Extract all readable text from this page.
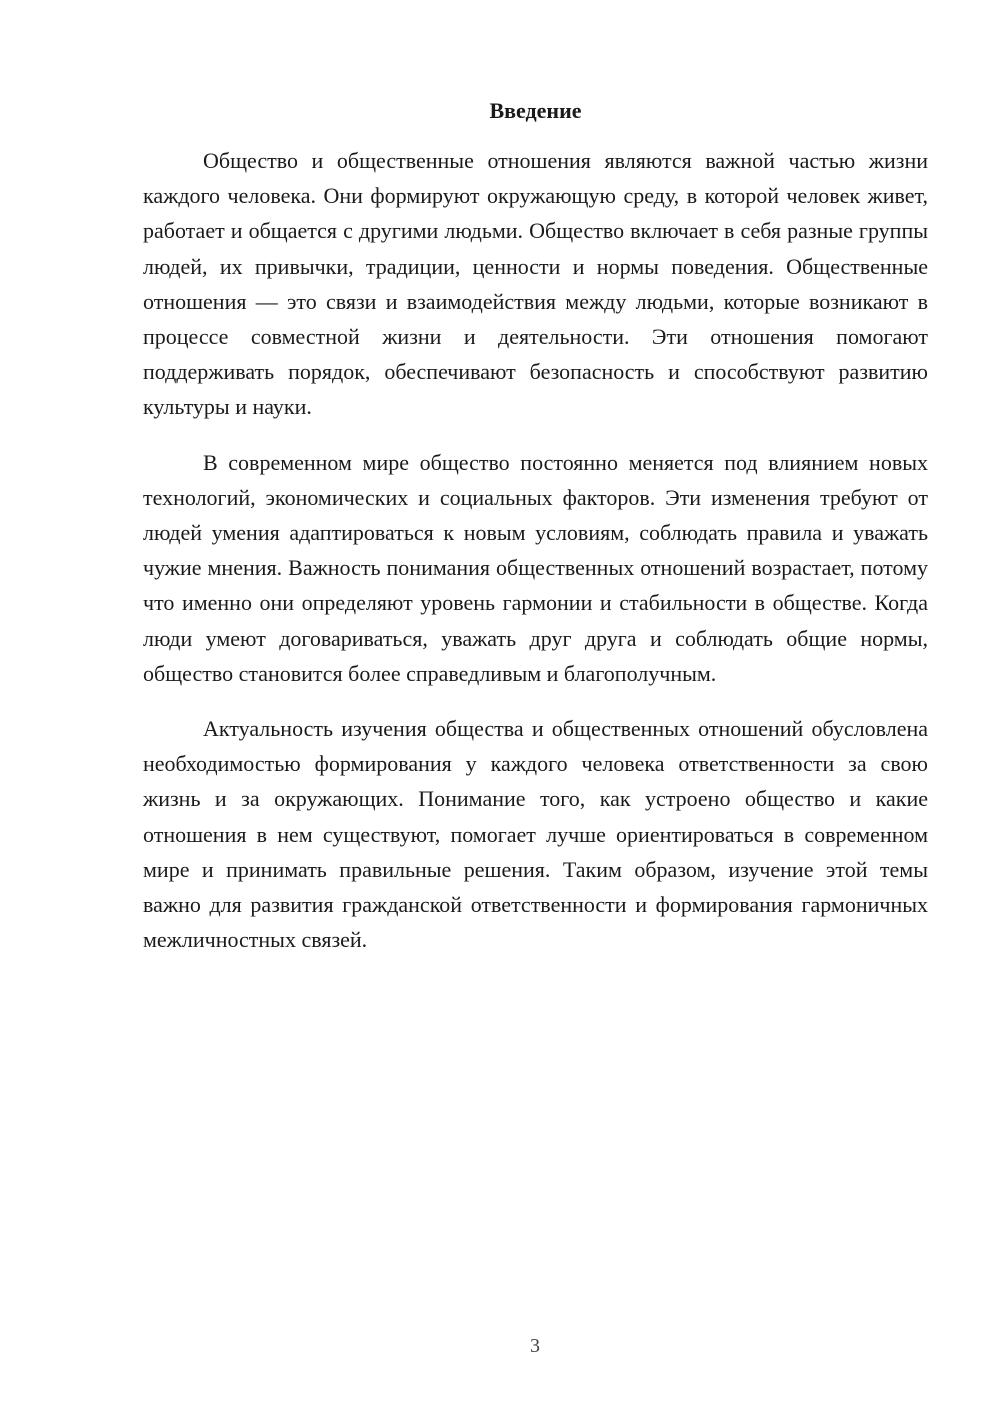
Введение

Общество и общественные отношения являются важной частью жизни каждого человека. Они формируют окружающую среду, в которой человек живет, работает и общается с другими людьми. Общество включает в себя разные группы людей, их привычки, традиции, ценности и нормы поведения. Общественные отношения — это связи и взаимодействия между людьми, которые возникают в процессе совместной жизни и деятельности. Эти отношения помогают поддерживать порядок, обеспечивают безопасность и способствуют развитию культуры и науки.

В современном мире общество постоянно меняется под влиянием новых технологий, экономических и социальных факторов. Эти изменения требуют от людей умения адаптироваться к новым условиям, соблюдать правила и уважать чужие мнения. Важность понимания общественных отношений возрастает, потому что именно они определяют уровень гармонии и стабильности в обществе. Когда люди умеют договариваться, уважать друг друга и соблюдать общие нормы, общество становится более справедливым и благополучным.

Актуальность изучения общества и общественных отношений обусловлена необходимостью формирования у каждого человека ответственности за свою жизнь и за окружающих. Понимание того, как устроено общество и какие отношения в нем существуют, помогает лучше ориентироваться в современном мире и принимать правильные решения. Таким образом, изучение этой темы важно для развития гражданской ответственности и формирования гармоничных межличностных связей.

3
